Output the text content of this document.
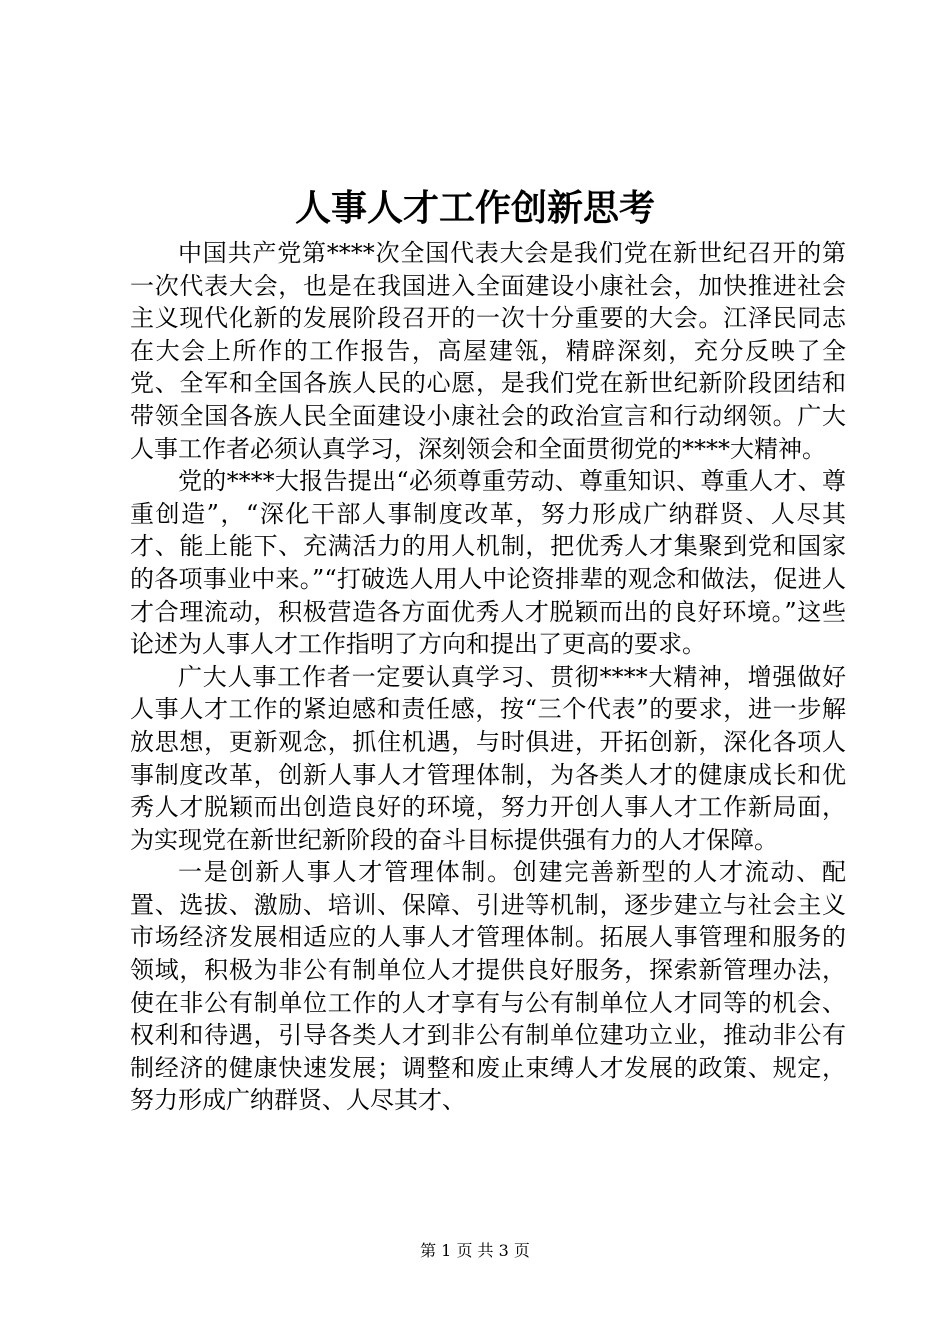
人事人才工作创新思考

中国共产党第****次全国代表大会是我们党在新世纪召开的第一次代表大会，也是在我国进入全面建设小康社会，加快推进社会主义现代化新的发展阶段召开的一次十分重要的大会。江泽民同志在大会上所作的工作报告，高屋建瓴，精辟深刻，充分反映了全党、全军和全国各族人民的心愿，是我们党在新世纪新阶段团结和带领全国各族人民全面建设小康社会的政治宣言和行动纲领。广大人事工作者必须认真学习，深刻领会和全面贯彻党的****大精神。

党的****大报告提出“必须尊重劳动、尊重知识、尊重人才、尊重创造”，“深化干部人事制度改革，努力形成广纳群贤、人尽其才、能上能下、充满活力的用人机制，把优秀人才集聚到党和国家的各项事业中来。”“打破选人用人中论资排辈的观念和做法，促进人才合理流动，积极营造各方面优秀人才脱颖而出的良好环境。”这些论述为人事人才工作指明了方向和提出了更高的要求。

广大人事工作者一定要认真学习、贯彻****大精神，增强做好人事人才工作的紧迫感和责任感，按“三个代表”的要求，进一步解放思想，更新观念，抓住机遇，与时俱进，开拓创新，深化各项人事制度改革，创新人事人才管理体制，为各类人才的健康成长和优秀人才脱颖而出创造良好的环境，努力开创人事人才工作新局面，为实现党在新世纪新阶段的奋斗目标提供强有力的人才保障。

一是创新人事人才管理体制。创建完善新型的人才流动、配置、选拔、激励、培训、保障、引进等机制，逐步建立与社会主义市场经济发展相适应的人事人才管理体制。拓展人事管理和服务的领域，积极为非公有制单位人才提供良好服务，探索新管理办法，使在非公有制单位工作的人才享有与公有制单位人才同等的机会、权利和待遇，引导各类人才到非公有制单位建功立业，推动非公有制经济的健康快速发展；调整和废止束缚人才发展的政策、规定，努力形成广纳群贤、人尽其才、

第 1 页 共 3 页
